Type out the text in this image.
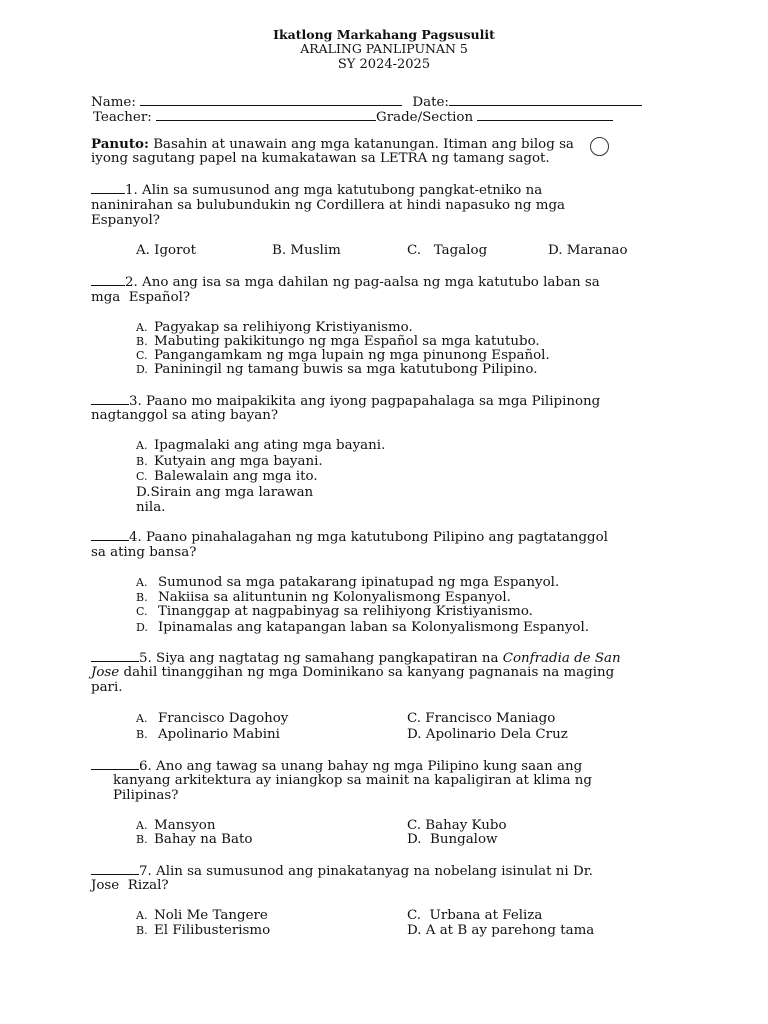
Ikatlong Markahang Pagsusulit
ARALING PANLIPUNAN 5
SY 2024-2025
Name:	Date:
Teacher:	Grade/Section
Panuto: Basahin at unawain ang mga katanungan. Itiman ang bilog sa
iyong sagutang papel na kumakatawan sa LETRA ng tamang sagot.
1. Alin sa sumusunod ang mga katutubong pangkat-etniko na
naninirahan sa bulubundukin ng Cordillera at hindi napasuko ng mga
Espanyol?
A. Igorot	B. Muslim	C.   Tagalog	D. Maranao
2. Ano ang isa sa mga dahilan ng pag-aalsa ng mga katutubo laban sa
mga  Español?
A. Pagyakap sa relihiyong Kristiyanismo.
B. Mabuting pakikitungo ng mga Español sa mga katutubo.
C. Pangangamkam ng mga lupain ng mga pinunong Español.
D. Paniningil ng tamang buwis sa mga katutubong Pilipino.
3. Paano mo maipakikita ang iyong pagpapahalaga sa mga Pilipinong
nagtanggol sa ating bayan?
A. Ipagmalaki ang ating mga bayani.
B. Kutyain ang mga bayani.
C. Balewalain ang mga ito.
D.Sirain ang mga larawan
nila.
4. Paano pinahalagahan ng mga katutubong Pilipino ang pagtatanggol
sa ating bansa?
A. Sumunod sa mga patakarang ipinatupad ng mga Espanyol.
B. Nakiisa sa alituntunin ng Kolonyalismong Espanyol.
C. Tinanggap at nagpabinyag sa relihiyong Kristiyanismo.
D. Ipinamalas ang katapangan laban sa Kolonyalismong Espanyol.
5. Siya ang nagtatag ng samahang pangkapatiran na Confradia de San
Jose dahil tinanggihan ng mga Dominikano sa kanyang pagnanais na maging
pari.
A. Francisco Dagohoy
B. Apolinario Mabini
C. Francisco Maniago
D. Apolinario Dela Cruz
6. Ano ang tawag sa unang bahay ng mga Pilipino kung saan ang
kanyang arkitektura ay iniangkop sa mainit na kapaligiran at klima ng
Pilipinas?
A. Mansyon
B. Bahay na Bato
C. Bahay Kubo
D.  Bungalow
7. Alin sa sumusunod ang pinakatanyag na nobelang isinulat ni Dr.
Jose  Rizal?
A. Noli Me Tangere
B. El Filibusterismo
C.  Urbana at Feliza
D. A at B ay parehong tama
